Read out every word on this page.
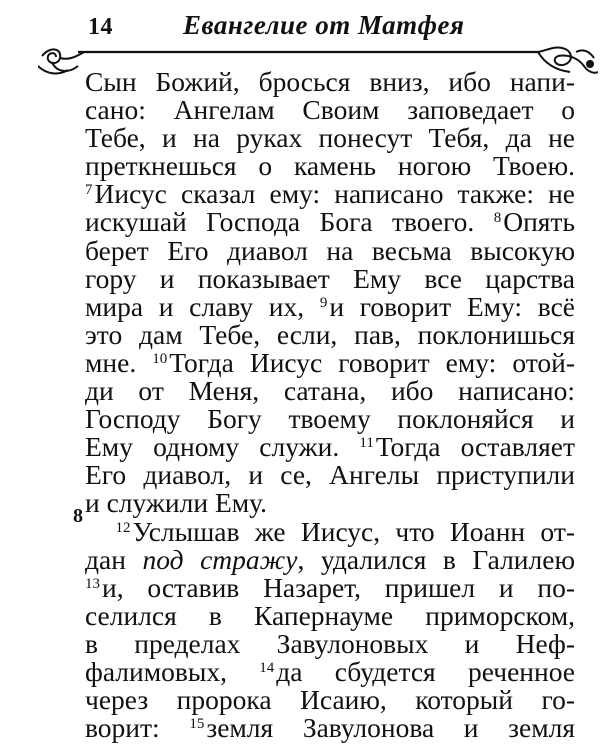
14	Евангелие от Матфея
8
Сын Божий, бросься вниз, ибо напи-
сано: Ангелам Своим заповедает о
Тебе, и на руках понесут Тебя, да не
преткнешься о камень ногою Твоею.
$^7$Иисус сказал ему: написано также: не
искушай Господа Бога твоего. $^8$Опять
берет Его диавол на весьма высокую
гору и показывает Ему все царства
мира и славу их, $^9$и говорит Ему: всё
это дам Тебе, если, пав, поклонишься
мне. $^{10}$Тогда Иисус говорит ему: отой-
ди от Меня, сатана, ибо написано:
Господу Богу твоему поклоняйся и
Ему одному служи. $^{11}$Тогда оставляет
Его диавол, и се, Ангелы приступили
и служили Ему.
$^{12}$Услышав же Иисус, что Иоанн от-
дан под стражу, удалился в Галилею
$^{13}$и, оставив Назарет, пришел и по-
селился в Капернауме приморском,
в пределах Завулоновых и Неф-
фалимовых, $^{14}$да сбудется реченное
через пророка Исаию, который го-
ворит: $^{15}$земля Завулонова и земля
